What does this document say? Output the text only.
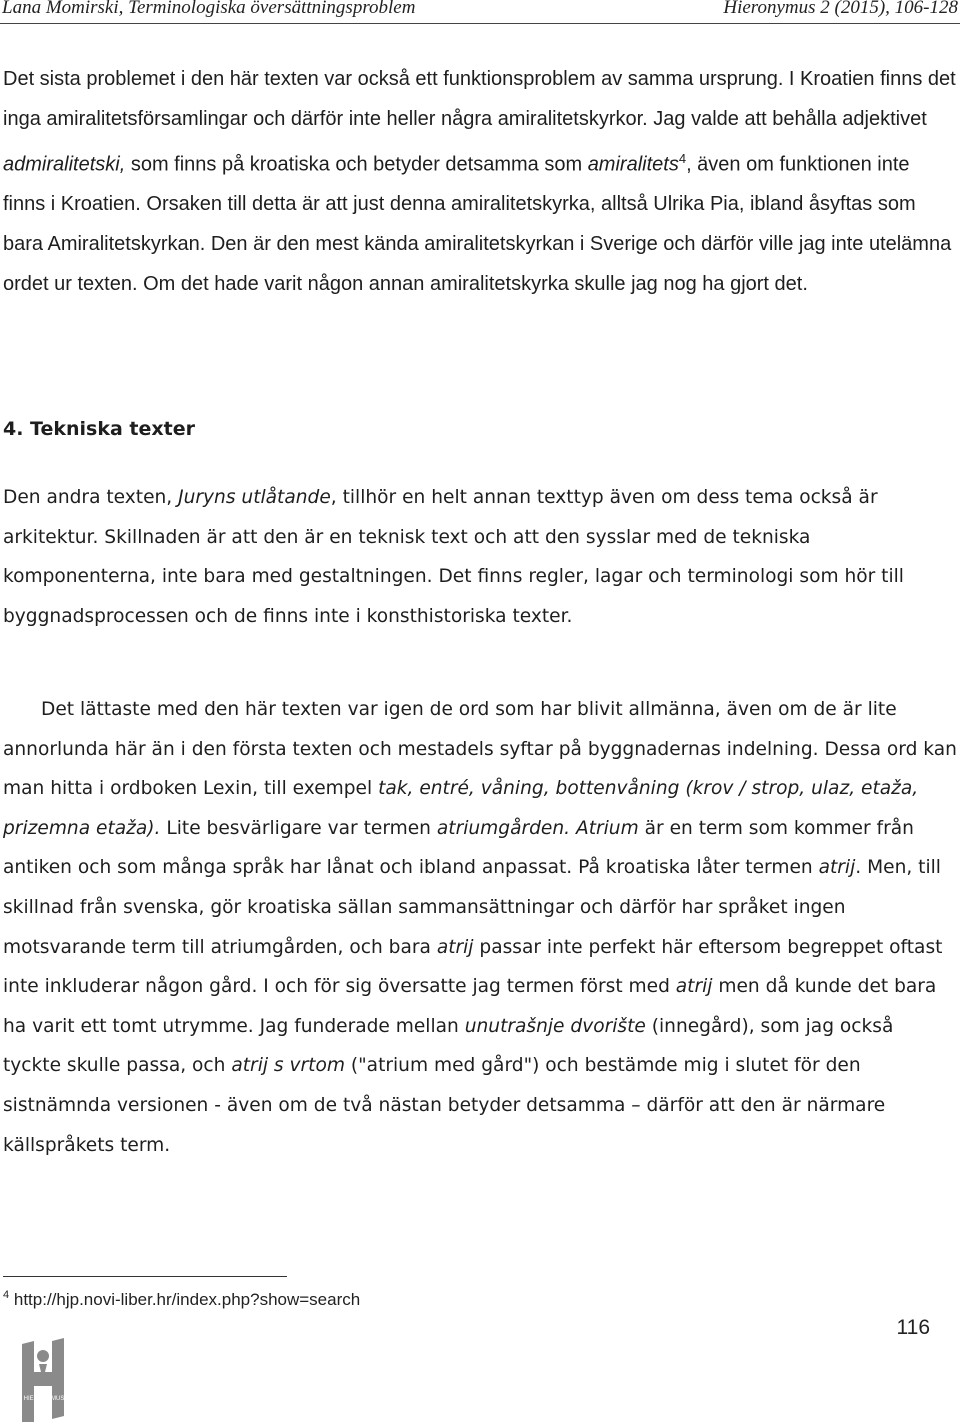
Lana Momirski, Terminologiska översättningsproblem	Hieronymus 2 (2015), 106-128
Det sista problemet i den här texten var också ett funktionsproblem av samma ursprung. I Kroatien finns det inga amiralitetsförsamlingar och därför inte heller några amiralitetskyrkor. Jag valde att behålla adjektivet admiralitetski, som finns på kroatiska och betyder detsamma som amiralitets$^4$, även om funktionen inte finns i Kroatien. Orsaken till detta är att just denna amiralitetskyrka, alltså Ulrika Pia, ibland åsyftas som bara Amiralitetskyrkan. Den är den mest kända amiralitetskyrkan i Sverige och därför ville jag inte utelämna ordet ur texten. Om det hade varit någon annan amiralitetskyrka skulle jag nog ha gjort det.
4. Tekniska texter
Den andra texten, Juryns utlåtande, tillhör en helt annan texttyp även om dess tema också är arkitektur. Skillnaden är att den är en teknisk text och att den sysslar med de tekniska komponenterna, inte bara med gestaltningen. Det finns regler, lagar och terminologi som hör till byggnadsprocessen och de finns inte i konsthistoriska texter.
Det lättaste med den här texten var igen de ord som har blivit allmänna, även om de är lite annorlunda här än i den första texten och mestadels syftar på byggnadernas indelning. Dessa ord kan man hitta i ordboken Lexin, till exempel tak, entré, våning, bottenvåning (krov / strop, ulaz, etaža, prizemna etaža). Lite besvärligare var termen atriumgården. Atrium är en term som kommer från antiken och som många språk har lånat och ibland anpassat. På kroatiska låter termen atrij. Men, till skillnad från svenska, gör kroatiska sällan sammansättningar och därför har språket ingen motsvarande term till atriumgården, och bara atrij passar inte perfekt här eftersom begreppet oftast inte inkluderar någon gård. I och för sig översatte jag termen först med atrij men då kunde det bara ha varit ett tomt utrymme. Jag funderade mellan unutrašnje dvorište (innegård), som jag också tyckte skulle passa, och atrij s vrtom ("atrium med gård") och bestämde mig i slutet för den sistnämnda versionen - även om de två nästan betyder detsamma – därför att den är närmare källspråkets term.
$^4$ http://hjp.novi-liber.hr/index.php?show=search
116
HIERONYMUS
